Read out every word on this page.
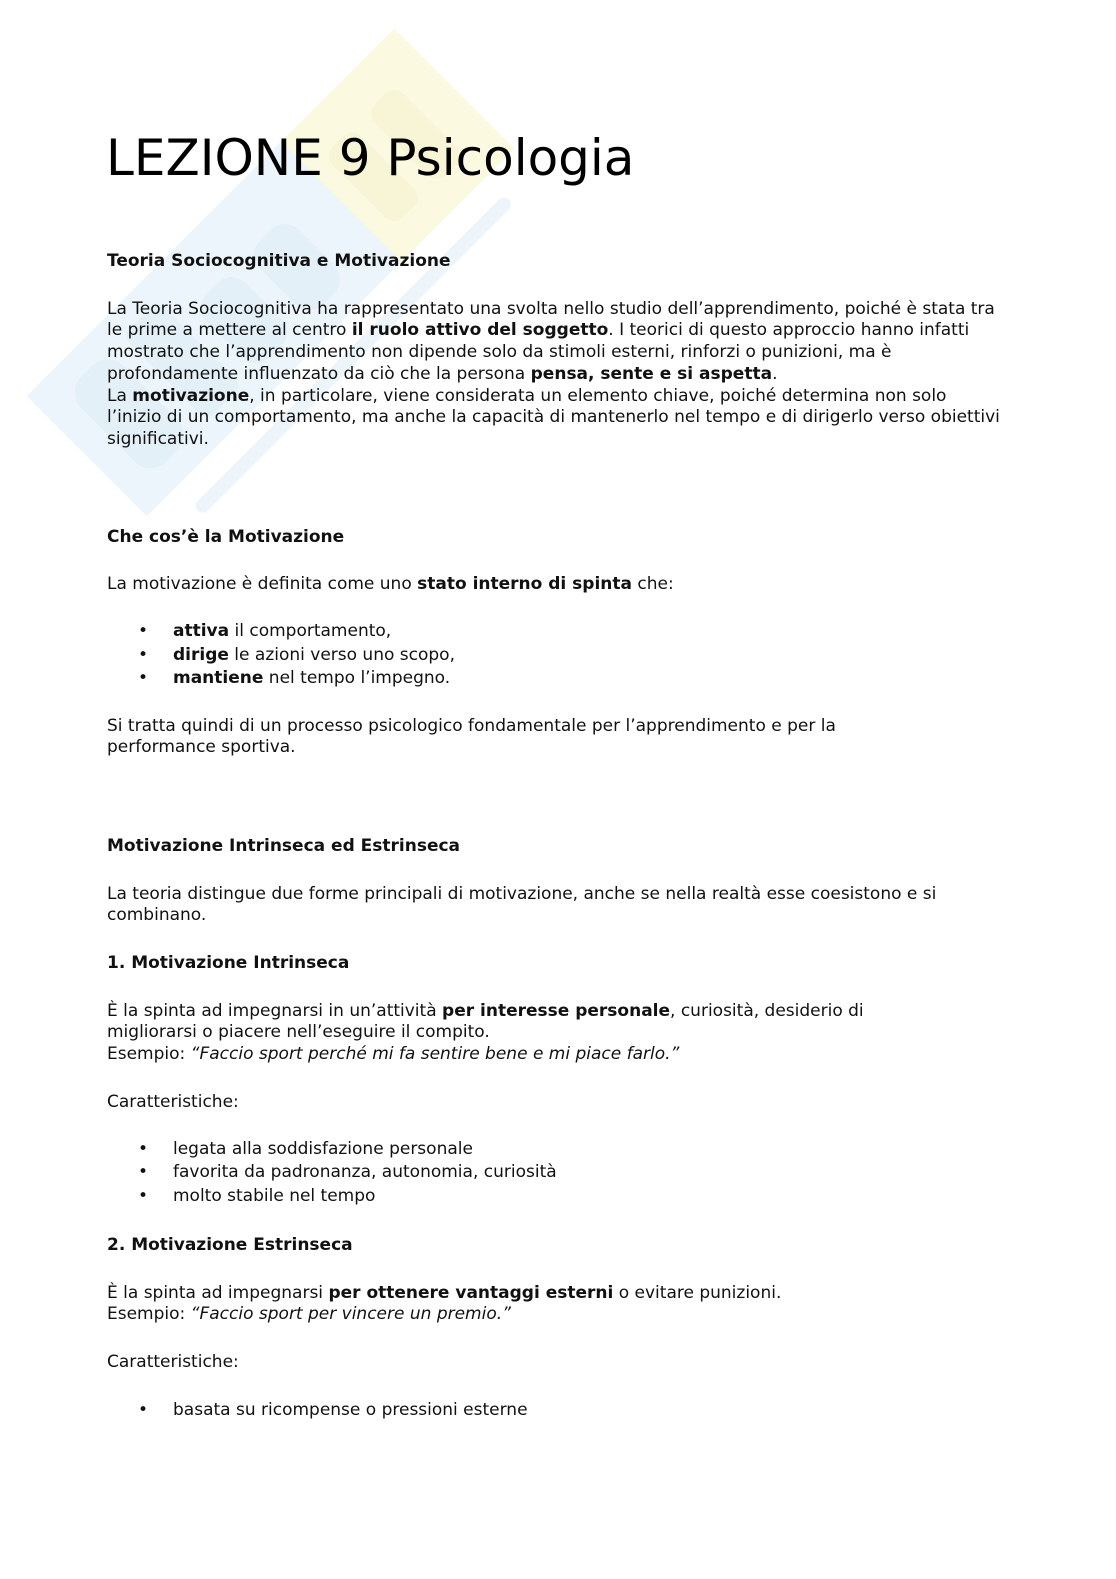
LEZIONE 9 Psicologia
Teoria Sociocognitiva e Motivazione
La Teoria Sociocognitiva ha rappresentato una svolta nello studio dell’apprendimento, poiché è stata tra le prime a mettere al centro il ruolo attivo del soggetto. I teorici di questo approccio hanno infatti mostrato che l’apprendimento non dipende solo da stimoli esterni, rinforzi o punizioni, ma è profondamente influenzato da ciò che la persona pensa, sente e si aspetta.
La motivazione, in particolare, viene considerata un elemento chiave, poiché determina non solo l’inizio di un comportamento, ma anche la capacità di mantenerlo nel tempo e di dirigerlo verso obiettivi significativi.
Che cos’è la Motivazione
La motivazione è definita come uno stato interno di spinta che:
• attiva il comportamento,
• dirige le azioni verso uno scopo,
• mantiene nel tempo l’impegno.
Si tratta quindi di un processo psicologico fondamentale per l’apprendimento e per la performance sportiva.
Motivazione Intrinseca ed Estrinseca
La teoria distingue due forme principali di motivazione, anche se nella realtà esse coesistono e si combinano.
1. Motivazione Intrinseca
È la spinta ad impegnarsi in un’attività per interesse personale, curiosità, desiderio di migliorarsi o piacere nell’eseguire il compito.
Esempio: “Faccio sport perché mi fa sentire bene e mi piace farlo.”
Caratteristiche:
• legata alla soddisfazione personale
• favorita da padronanza, autonomia, curiosità
• molto stabile nel tempo
2. Motivazione Estrinseca
È la spinta ad impegnarsi per ottenere vantaggi esterni o evitare punizioni.
Esempio: “Faccio sport per vincere un premio.”
Caratteristiche:
• basata su ricompense o pressioni esterne
